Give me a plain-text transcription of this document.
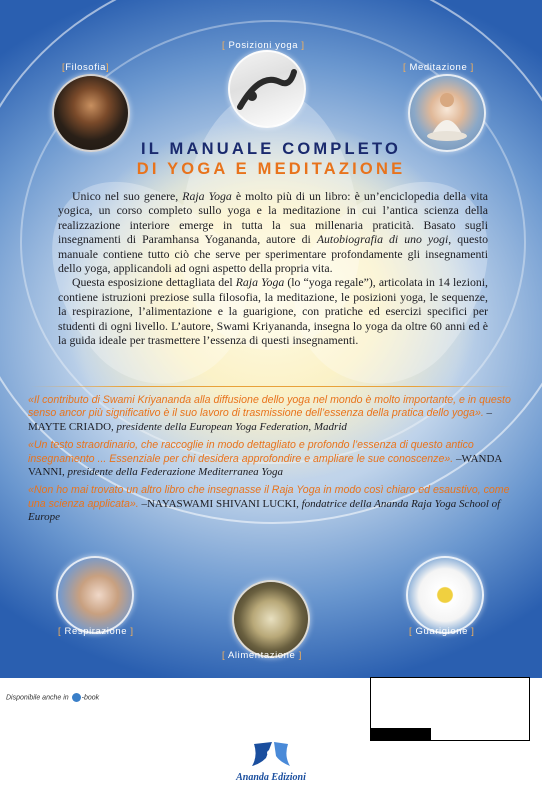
[ Posizioni yoga ]
[Filosofia]	[ Meditazione ]
IL MANUALE COMPLETO
DI YOGA E MEDITAZIONE

Unico nel suo genere, Raja Yoga è molto più di un libro: è un’enciclopedia della vita yogica, un corso completo sullo yoga e la meditazione in cui l’antica scienza della realizzazione interiore emerge in tutta la sua millenaria praticità. Basato sugli insegnamenti di Paramhansa Yogananda, autore di Autobiografia di uno yogi, questo manuale contiene tutto ciò che serve per sperimentare profondamente gli insegnamenti dello yoga, applicandoli ad ogni aspetto della propria vita.

Questa esposizione dettagliata del Raja Yoga (lo “yoga regale”), articolata in 14 lezioni, contiene istruzioni preziose sulla filosofia, la meditazione, le posizioni yoga, le sequenze, la respirazione, l’alimentazione e la guarigione, con pratiche ed esercizi specifici per studenti di ogni livello. L’autore, Swami Kriyananda, insegna lo yoga da oltre 60 anni ed è la guida ideale per trasmettere l’essenza di questi insegnamenti.

«Il contributo di Swami Kriyananda alla diffusione dello yoga nel mondo è molto importante, e in questo senso ancor più significativo è il suo lavoro di trasmissione dell’essenza della pratica dello yoga». –MAYTE CRIADO, presidente della European Yoga Federation, Madrid
«Un testo straordinario, che raccoglie in modo dettagliato e profondo l’essenza di questo antico insegnamento ... Essenziale per chi desidera approfondire e ampliare le sue conoscenze». –WANDA VANNI, presidente della Federazione Mediterranea Yoga
«Non ho mai trovato un altro libro che insegnasse il Raja Yoga in modo così chiaro ed esaustivo, come una scienza applicata». –NAYASWAMI SHIVANI LUCKI, fondatrice della Ananda Raja Yoga School of Europe
[ Respirazione ]
[ Alimentazione ]
[ Guarigione ]
Disponibile anche in -book
Ananda Edizioni
